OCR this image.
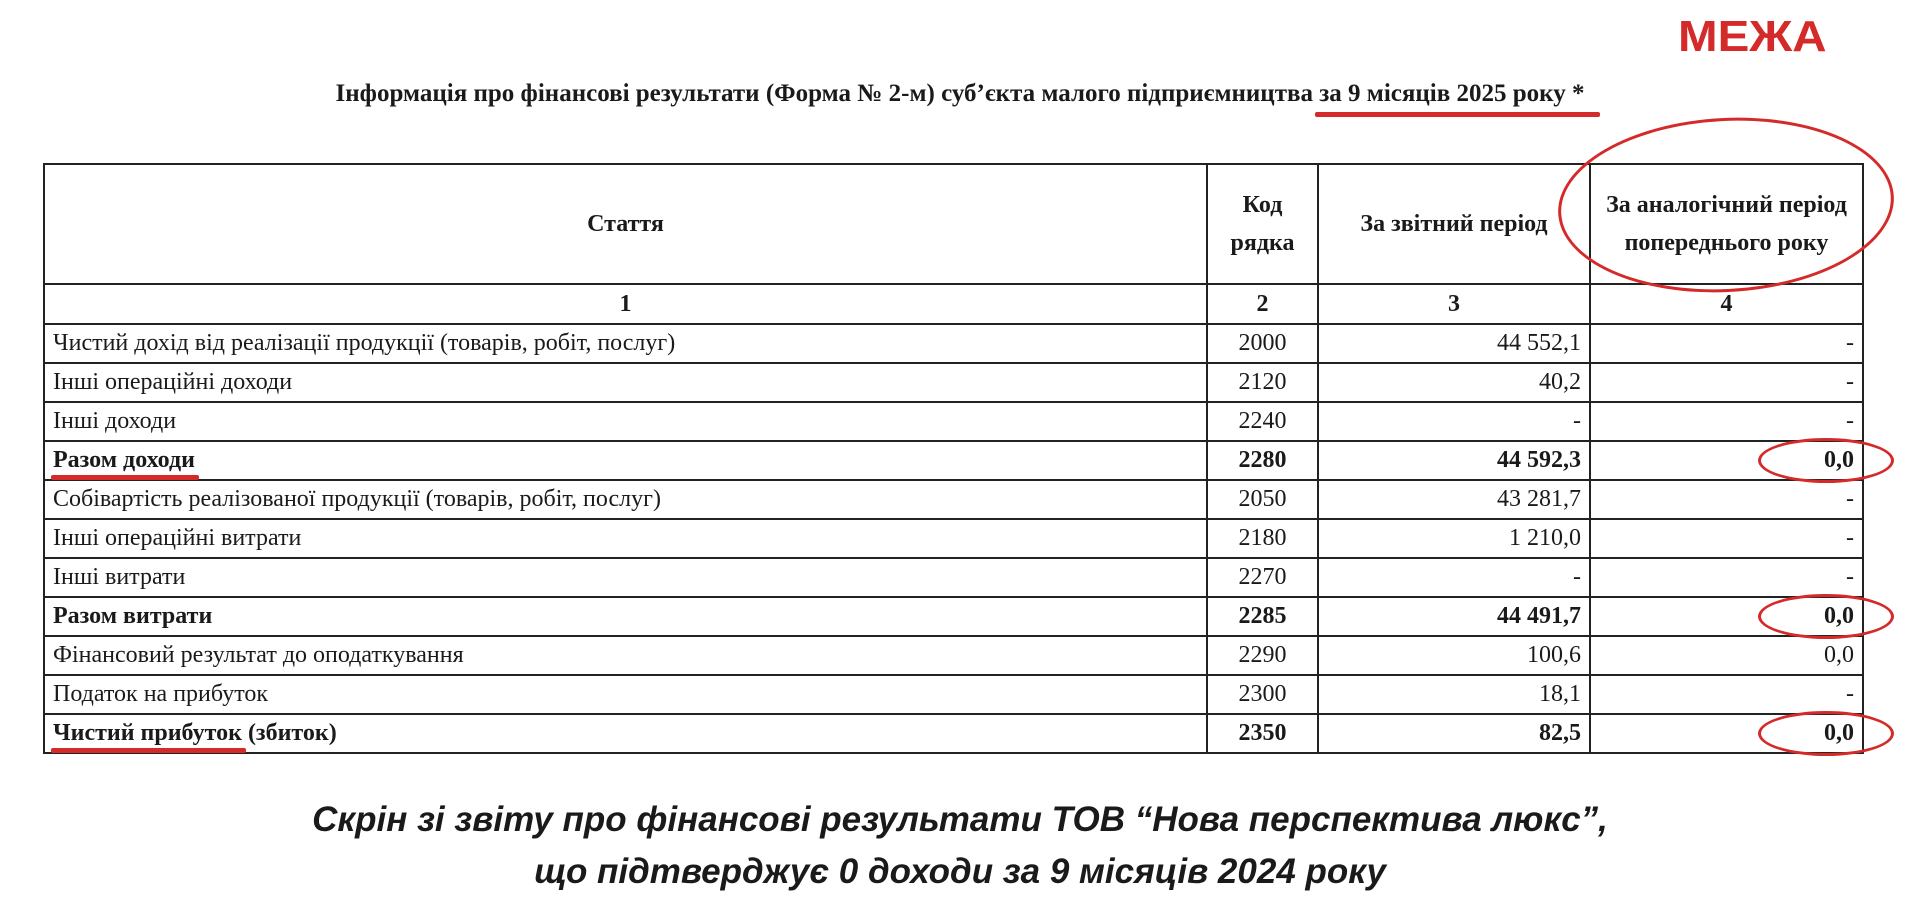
МЕЖА
Інформація про фінансові результати (Форма № 2-м) суб’єкта малого підприємництва за 9 місяців 2025 року *
Стаття	Код рядка	За звітний період	За аналогічний період попереднього року
1	2	3	4
Чистий дохід від реалізації продукції (товарів, робіт, послуг)	2000	44 552,1	-
Інші операційні доходи	2120	40,2	-
Інші доходи	2240	-	-
Разом доходи	2280	44 592,3	0,0
Собівартість реалізованої продукції (товарів, робіт, послуг)	2050	43 281,7	-
Інші операційні витрати	2180	1 210,0	-
Інші витрати	2270	-	-
Разом витрати	2285	44 491,7	0,0
Фінансовий результат до оподаткування	2290	100,6	0,0
Податок на прибуток	2300	18,1	-
Чистий прибуток (збиток)	2350	82,5	0,0
Скрін зі звіту про фінансові результати ТОВ “Нова перспектива люкс”,
що підтверджує 0 доходи за 9 місяців 2024 року
